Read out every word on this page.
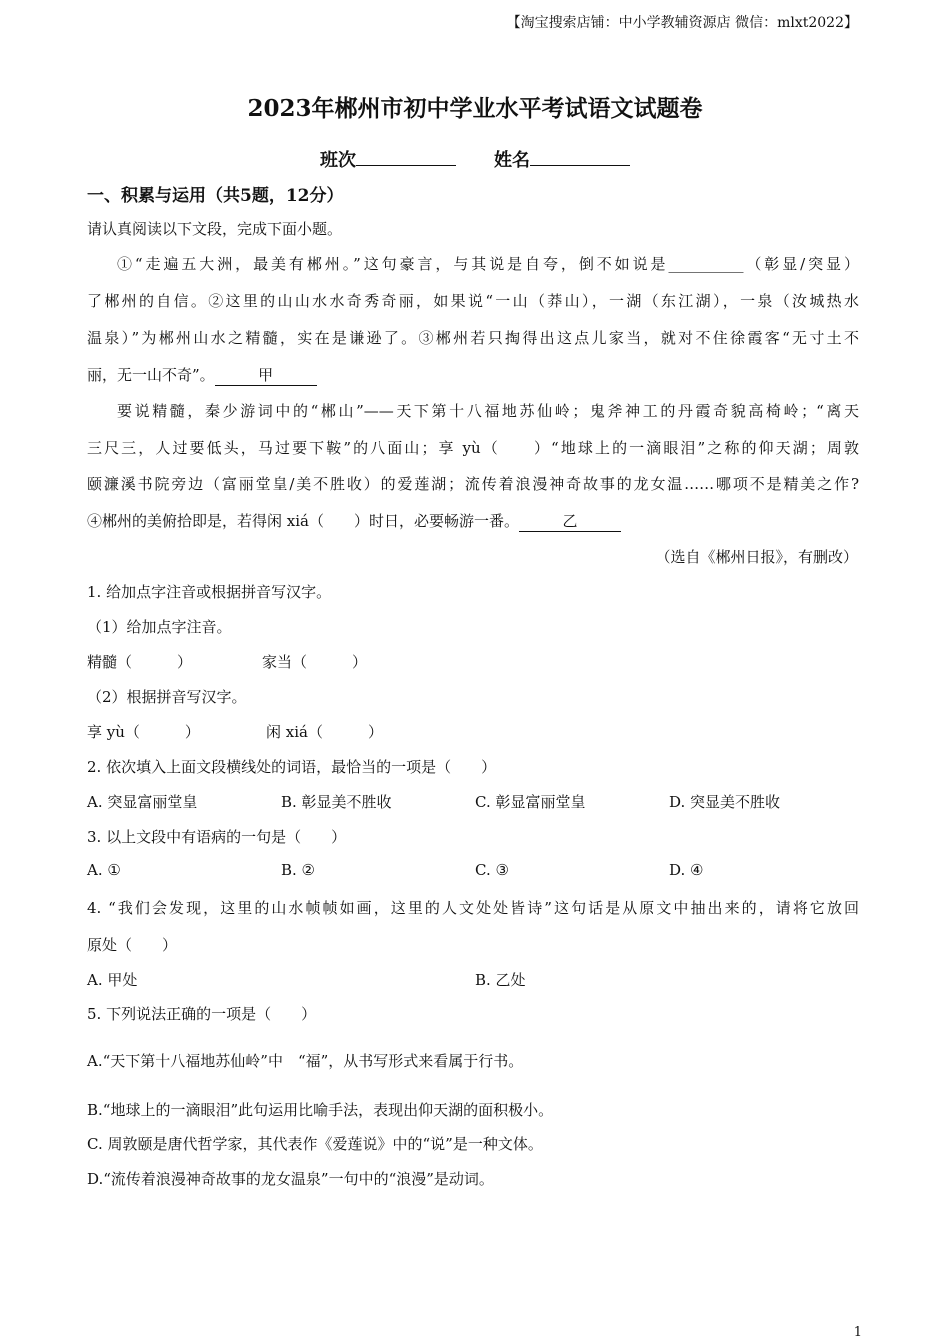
【淘宝搜索店铺：中小学教辅资源店 微信：mlxt2022】
2023年郴州市初中学业水平考试语文试题卷
班次	姓名
一、积累与运用（共5题，12分）
请认真阅读以下文段，完成下面小题。
①“走遍五大洲，最美有郴州。”这句豪言，与其说是自夸，倒不如说是__________（彰显/突显）
了郴州的自信。②这里的山山水水奇秀奇丽，如果说“一山（莽山），一湖（东江湖），一泉（汝城热水
温泉）”为郴州山水之精髓，实在是谦逊了。③郴州若只掏得出这点儿家当，就对不住徐霞客“无寸土不
丽，无一山不奇”。	甲
要说精髓，秦少游词中的“郴山”——天下第十八福地苏仙岭；鬼斧神工的丹霞奇貌高椅岭；“离天
三尺三，人过要低头，马过要下鞍”的八面山；享 yù（　　）“地球上的一滴眼泪”之称的仰天湖；周敦
颐濂溪书院旁边（富丽堂皇/美不胜收）的爱莲湖；流传着浪漫神奇故事的龙女温……哪项不是精美之作?
④郴州的美俯拾即是，若得闲 xiá（　　）时日，必要畅游一番。	乙
（选自《郴州日报》，有删改）
1. 给加点字注音或根据拼音写汉字。
（1）给加点字注音。
精髓（　　　）	家当（　　　）
（2）根据拼音写汉字。
享 yù（　　　）	闲 xiá（　　　）
2. 依次填入上面文段横线处的词语，最恰当的一项是（　　）
A. 突显富丽堂皇	B. 彰显美不胜收	C. 彰显富丽堂皇	D. 突显美不胜收
3. 以上文段中有语病的一句是（　　）
A. ①	B. ②	C. ③	D. ④
4. “我们会发现，这里的山水帧帧如画，这里的人文处处皆诗”这句话是从原文中抽出来的，请将它放回
原处（　　）
A. 甲处	B. 乙处
5. 下列说法正确的一项是（　　）
A.“天下第十八福地苏仙岭”中　“福”，从书写形式来看属于行书。
B.“地球上的一滴眼泪”此句运用比喻手法，表现出仰天湖的面积极小。
C. 周敦颐是唐代哲学家，其代表作《爱莲说》中的“说”是一种文体。
D.“流传着浪漫神奇故事的龙女温泉”一句中的“浪漫”是动词。
1
